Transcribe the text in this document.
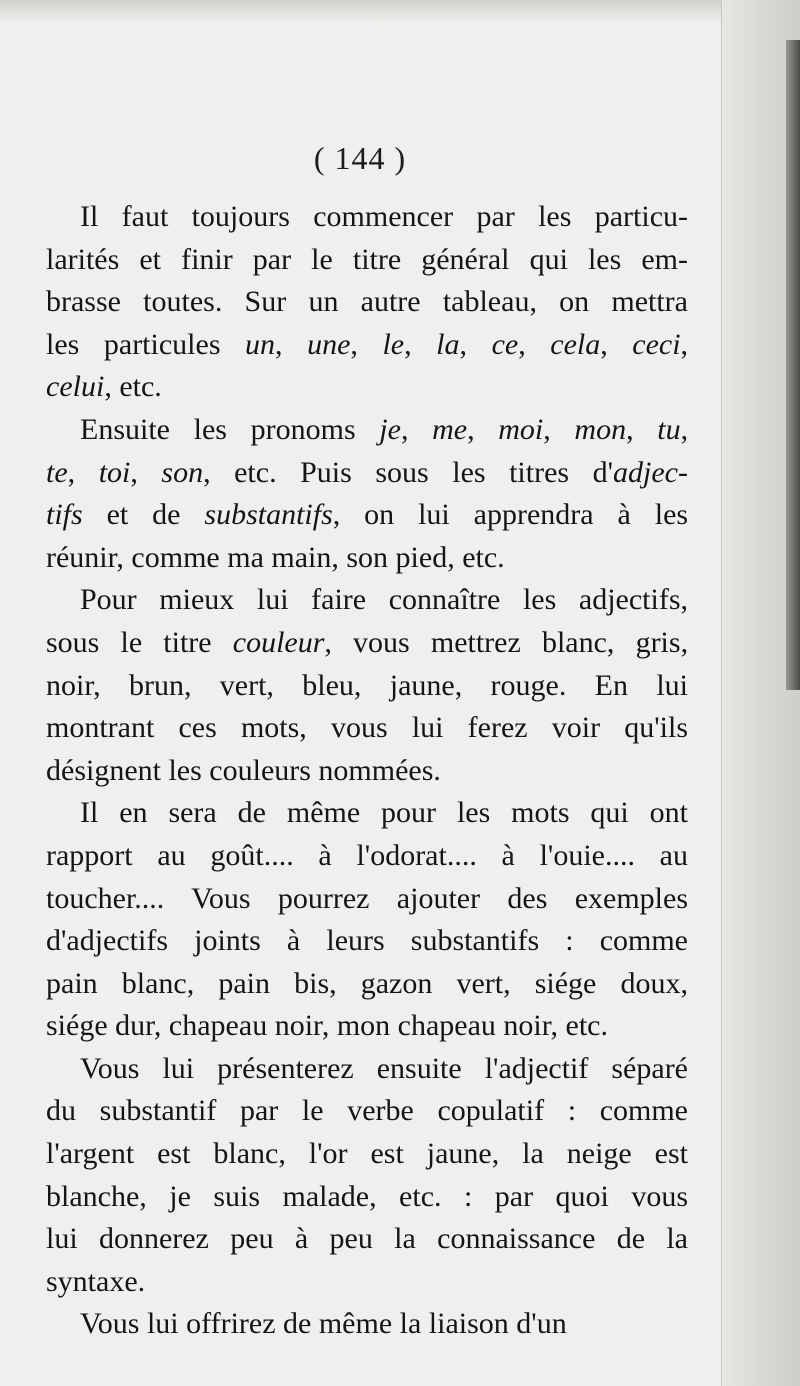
( 144 )
Il faut toujours commencer par les particu-
larités et finir par le titre général qui les em-
brasse toutes. Sur un autre tableau, on mettra
les particules un, une, le, la, ce, cela, ceci,
celui, etc.
Ensuite les pronoms je, me, moi, mon, tu,
te, toi, son, etc. Puis sous les titres d'adjec-
tifs et de substantifs, on lui apprendra à les
réunir, comme ma main, son pied, etc.
Pour mieux lui faire connaître les adjectifs,
sous le titre couleur, vous mettrez blanc, gris,
noir, brun, vert, bleu, jaune, rouge. En lui
montrant ces mots, vous lui ferez voir qu'ils
désignent les couleurs nommées.
Il en sera de même pour les mots qui ont
rapport au goût.... à l'odorat.... à l'ouie.... au
toucher.... Vous pourrez ajouter des exemples
d'adjectifs joints à leurs substantifs : comme
pain blanc, pain bis, gazon vert, siége doux,
siége dur, chapeau noir, mon chapeau noir, etc.
Vous lui présenterez ensuite l'adjectif séparé
du substantif par le verbe copulatif : comme
l'argent est blanc, l'or est jaune, la neige est
blanche, je suis malade, etc. : par quoi vous
lui donnerez peu à peu la connaissance de la
syntaxe.
Vous lui offrirez de même la liaison d'un
